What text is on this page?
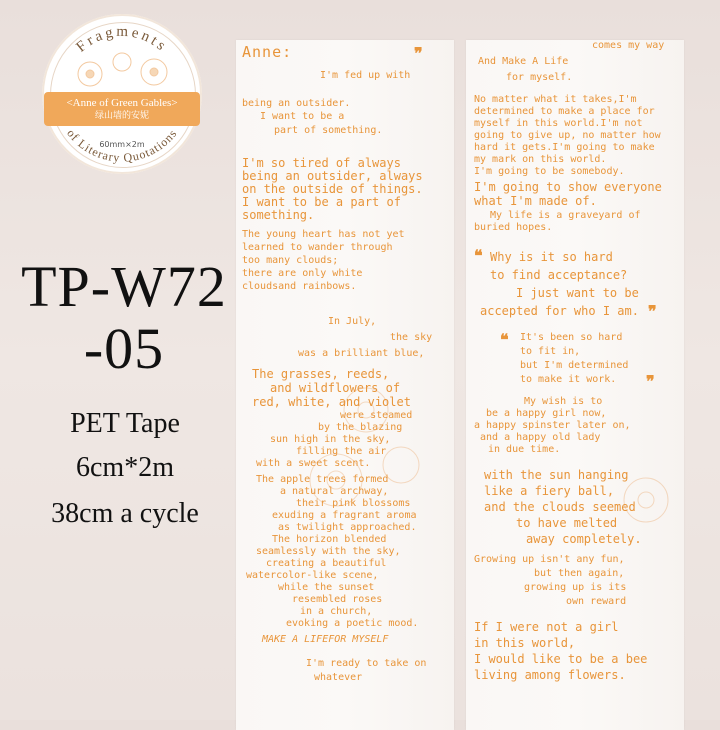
Fragments
of Literary Quotations
<Anne of Green Gables>
绿山墙的安妮
60mm×2m
TP-W72
-05
PET Tape
6cm*2m
38cm a cycle
Anne:	❞
I'm fed up with
being an outsider.
I want to be a
part of something.
I'm so tired of always
being an outsider, always
on the outside of things.
I want to be a part of
something.
The young heart has not yet
learned to wander through
too many clouds;
there are only white
cloudsand rainbows.
In July,
the sky
was a brilliant blue,
The grasses, reeds,
and wildflowers of
red, white, and violet
were steamed
by the blazing
sun high in the sky,
filling the air
with a sweet scent.
The apple trees formed
a natural archway,
their pink blossoms
exuding a fragrant aroma
as twilight approached.
The horizon blended
seamlessly with the sky,
creating a beautiful
watercolor-like scene,
while the sunset
resembled roses
in a church,
evoking a poetic mood.
MAKE A LIFEFOR MYSELF
I'm ready to take on
whatever
comes my way
And Make A Life
for myself.
No matter what it takes,I'm
determined to make a place for
myself in this world.I'm not
going to give up, no matter how
hard it gets.I'm going to make
my mark on this world.
I'm going to be somebody.
I'm going to show everyone
what I'm made of.
My life is a graveyard of
buried hopes.
❝ Why is it so hard
to find acceptance?
I just want to be
accepted for who I am. ❞
❝ It's been so hard
to fit in,
but I'm determined
to make it work. ❞
My wish is to
be a happy girl now,
a happy spinster later on,
and a happy old lady
in due time.
with the sun hanging
like a fiery ball,
and the clouds seemed
to have melted
away completely.
Growing up isn't any fun,
but then again,
growing up is its
own reward
If I were not a girl
in this world,
I would like to be a bee
living among flowers.
